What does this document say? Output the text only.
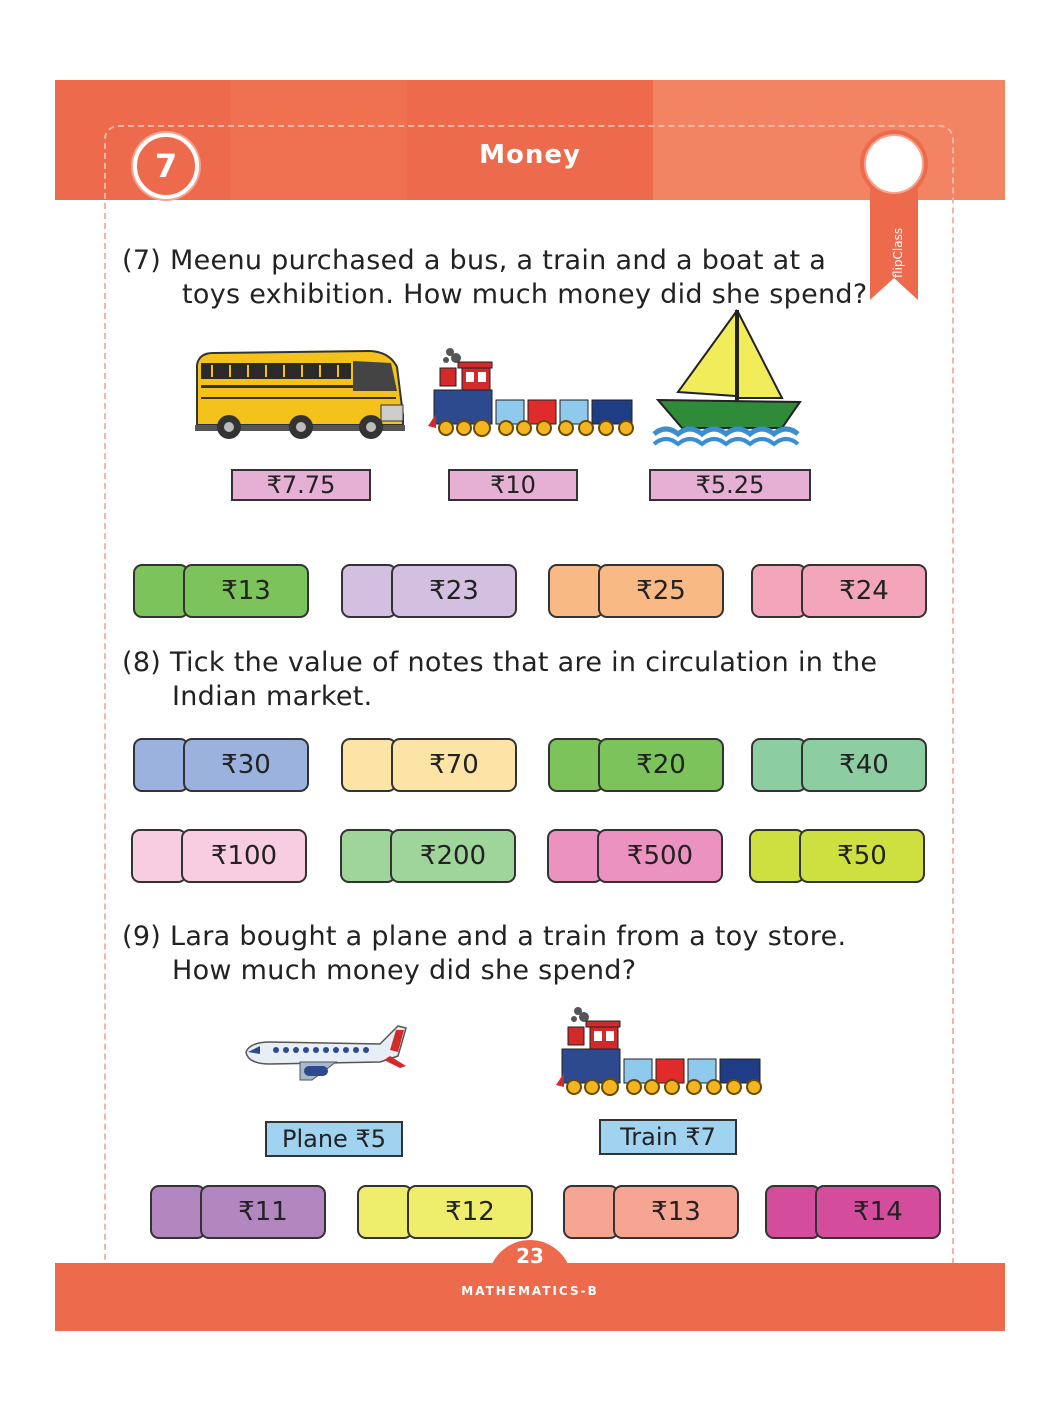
7	Money
flipClass
(7) Meenu purchased a bus, a train and a boat at a
toys exhibition. How much money did she spend?
₹7.75	₹10	₹5.25
₹13	₹23	₹25	₹24
(8) Tick the value of notes that are in circulation in the
Indian market.
₹30	₹70	₹20	₹40
₹100	₹200	₹500	₹50
(9) Lara bought a plane and a train from a toy store.
How much money did she spend?
Plane ₹5	Train ₹7
₹11	₹12	₹13	₹14
23
MATHEMATICS-B
